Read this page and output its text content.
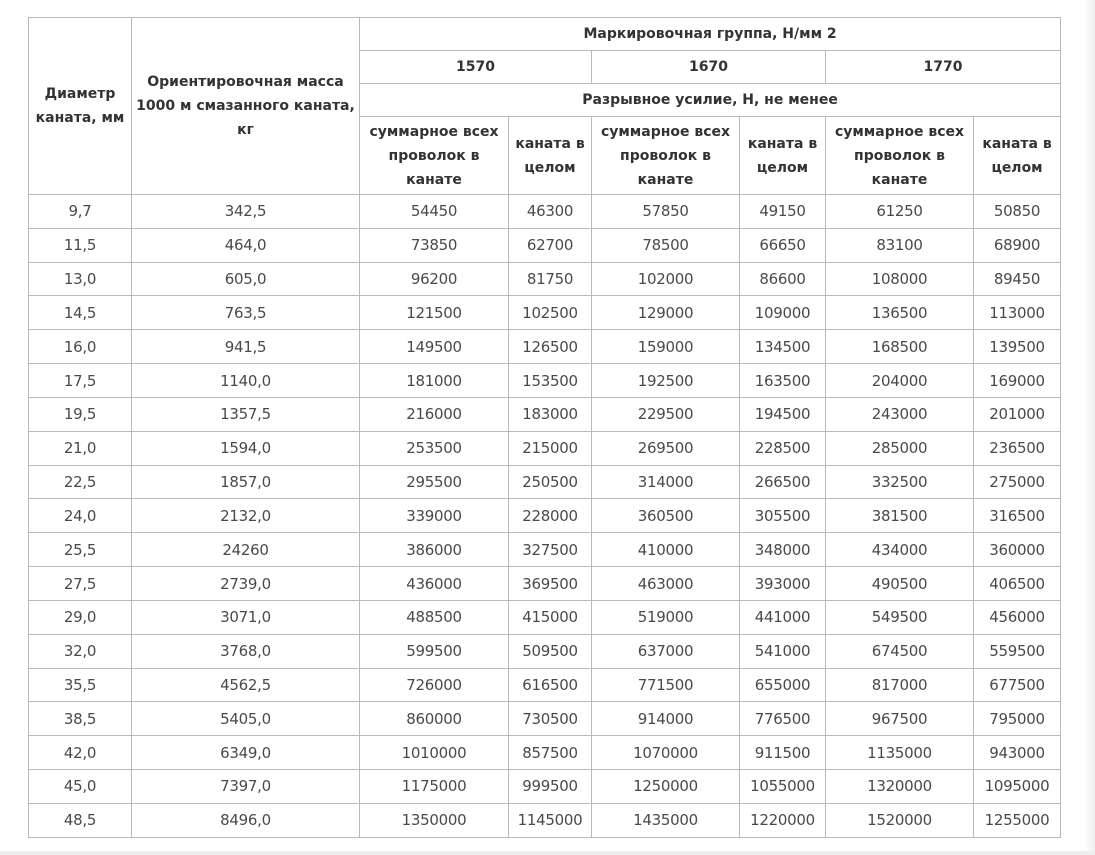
Диаметр каната, мм	Ориентировочная масса 1000 м смазанного каната, кг	Маркировочная группа, Н/мм 2					
		1570		1670		1770	
		Разрывное усилие, Н, не менее					
		суммарное всех проволок в канате	каната в целом	суммарное всех проволок в канате	каната в целом	суммарное всех проволок в канате	каната в целом
9,7	342,5	54450	46300	57850	49150	61250	50850
11,5	464,0	73850	62700	78500	66650	83100	68900
13,0	605,0	96200	81750	102000	86600	108000	89450
14,5	763,5	121500	102500	129000	109000	136500	113000
16,0	941,5	149500	126500	159000	134500	168500	139500
17,5	1140,0	181000	153500	192500	163500	204000	169000
19,5	1357,5	216000	183000	229500	194500	243000	201000
21,0	1594,0	253500	215000	269500	228500	285000	236500
22,5	1857,0	295500	250500	314000	266500	332500	275000
24,0	2132,0	339000	228000	360500	305500	381500	316500
25,5	24260	386000	327500	410000	348000	434000	360000
27,5	2739,0	436000	369500	463000	393000	490500	406500
29,0	3071,0	488500	415000	519000	441000	549500	456000
32,0	3768,0	599500	509500	637000	541000	674500	559500
35,5	4562,5	726000	616500	771500	655000	817000	677500
38,5	5405,0	860000	730500	914000	776500	967500	795000
42,0	6349,0	1010000	857500	1070000	911500	1135000	943000
45,0	7397,0	1175000	999500	1250000	1055000	1320000	1095000
48,5	8496,0	1350000	1145000	1435000	1220000	1520000	1255000
